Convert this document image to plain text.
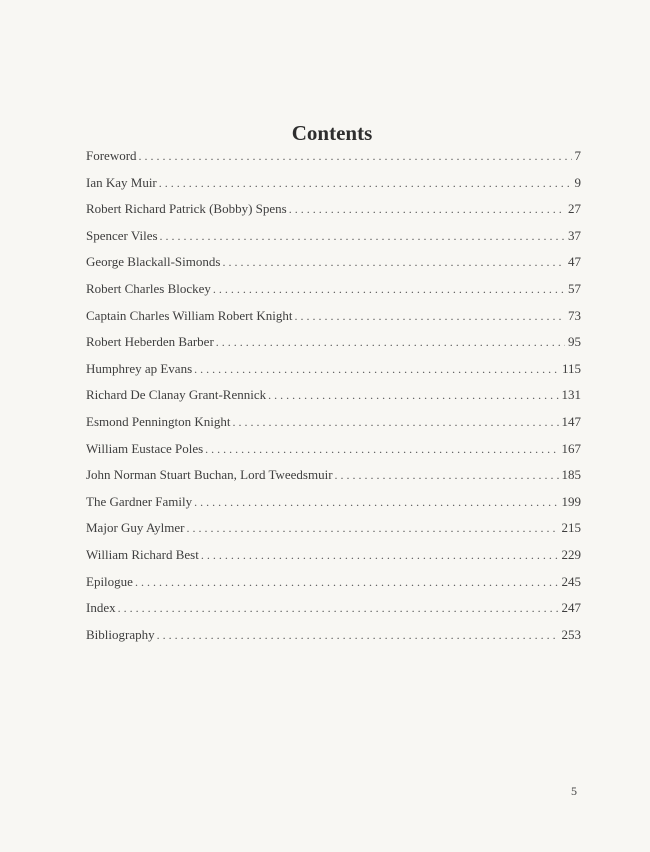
Contents
Foreword . . .	7
Ian Kay Muir . . .	9
Robert Richard Patrick (Bobby) Spens . . .	27
Spencer Viles . . .	37
George Blackall-Simonds . . .	47
Robert Charles Blockey . . .	57
Captain Charles William Robert Knight . . .	73
Robert Heberden Barber . . .	95
Humphrey ap Evans . . .	115
Richard De Clanay Grant-Rennick . . .	131
Esmond Pennington Knight . . .	147
William Eustace Poles . . .	167
John Norman Stuart Buchan, Lord Tweedsmuir . . .	185
The Gardner Family . . .	199
Major Guy Aylmer . . .	215
William Richard Best . . .	229
Epilogue . . .	245
Index . . .	247
Bibliography . . .	253
5
